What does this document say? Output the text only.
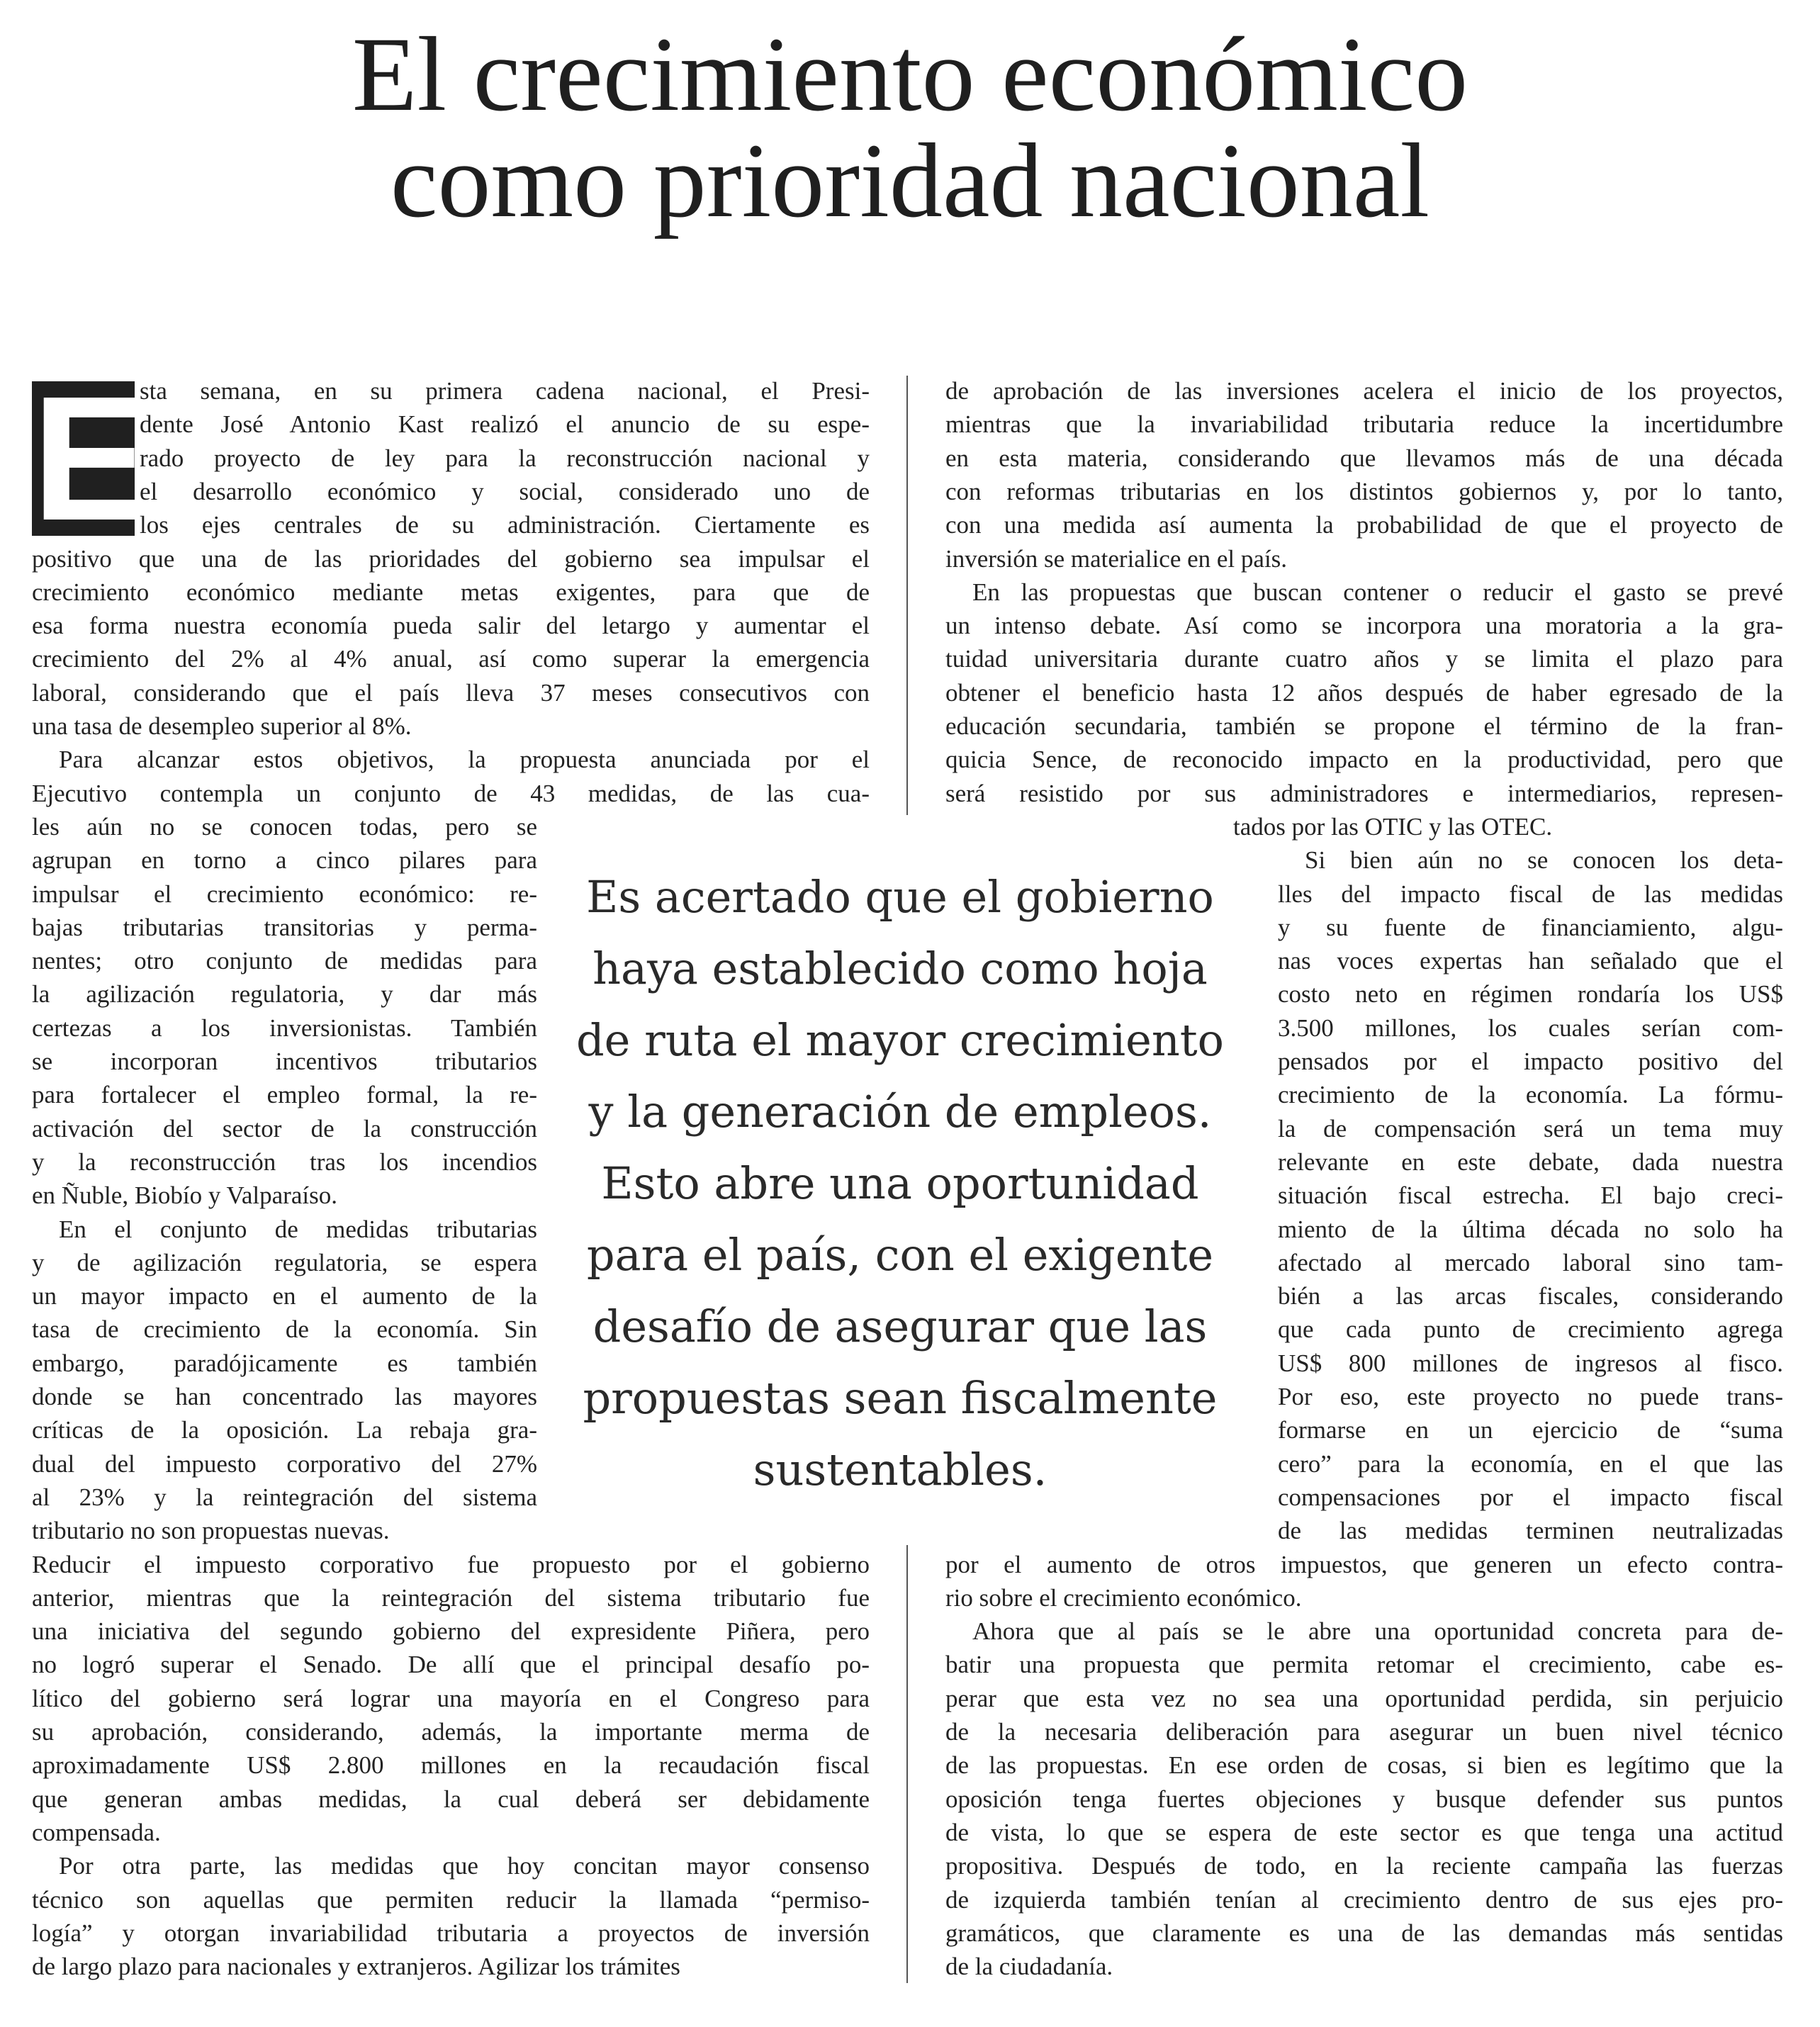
El crecimiento económico
como prioridad nacional
E

sta semana, en su primera cadena nacional, el Presi-

dente José Antonio Kast realizó el anuncio de su espe-

rado proyecto de ley para la reconstrucción nacional y

el desarrollo económico y social, considerado uno de

los ejes centrales de su administración. Ciertamente es

positivo que una de las prioridades del gobierno sea impulsar el

crecimiento económico mediante metas exigentes, para que de

esa forma nuestra economía pueda salir del letargo y aumentar el

crecimiento del 2% al 4% anual, así como superar la emergencia

laboral, considerando que el país lleva 37 meses consecutivos con

una tasa de desempleo superior al 8%.

Para alcanzar estos objetivos, la propuesta anunciada por el

Ejecutivo contempla un conjunto de 43 medidas, de las cua-

les aún no se conocen todas, pero se

agrupan en torno a cinco pilares para

impulsar el crecimiento económico: re-

bajas tributarias transitorias y perma-

nentes; otro conjunto de medidas para

la agilización regulatoria, y dar más

certezas a los inversionistas. También

se incorporan incentivos tributarios

para fortalecer el empleo formal, la re-

activación del sector de la construcción

y la reconstrucción tras los incendios

en Ñuble, Biobío y Valparaíso.

En el conjunto de medidas tributarias

y de agilización regulatoria, se espera

un mayor impacto en el aumento de la

tasa de crecimiento de la economía. Sin

embargo, paradójicamente es también

donde se han concentrado las mayores

críticas de la oposición. La rebaja gra-

dual del impuesto corporativo del 27%

al 23% y la reintegración del sistema

tributario no son propuestas nuevas.

Reducir el impuesto corporativo fue propuesto por el gobierno

anterior, mientras que la reintegración del sistema tributario fue

una iniciativa del segundo gobierno del expresidente Piñera, pero

no logró superar el Senado. De allí que el principal desafío po-

lítico del gobierno será lograr una mayoría en el Congreso para

su aprobación, considerando, además, la importante merma de

aproximadamente US$ 2.800 millones en la recaudación fiscal

que generan ambas medidas, la cual deberá ser debidamente

compensada.

Por otra parte, las medidas que hoy concitan mayor consenso

técnico son aquellas que permiten reducir la llamada “permiso-

logía” y otorgan invariabilidad tributaria a proyectos de inversión

de largo plazo para nacionales y extranjeros. Agilizar los trámites

de aprobación de las inversiones acelera el inicio de los proyectos,

mientras que la invariabilidad tributaria reduce la incertidumbre

en esta materia, considerando que llevamos más de una década

con reformas tributarias en los distintos gobiernos y, por lo tanto,

con una medida así aumenta la probabilidad de que el proyecto de

inversión se materialice en el país.

En las propuestas que buscan contener o reducir el gasto se prevé

un intenso debate. Así como se incorpora una moratoria a la gra-

tuidad universitaria durante cuatro años y se limita el plazo para

obtener el beneficio hasta 12 años después de haber egresado de la

educación secundaria, también se propone el término de la fran-

quicia Sence, de reconocido impacto en la productividad, pero que

será resistido por sus administradores e intermediarios, represen-

tados por las OTIC y las OTEC.

Si bien aún no se conocen los deta-

lles del impacto fiscal de las medidas

y su fuente de financiamiento, algu-

nas voces expertas han señalado que el

costo neto en régimen rondaría los US$

3.500 millones, los cuales serían com-

pensados por el impacto positivo del

crecimiento de la economía. La fórmu-

la de compensación será un tema muy

relevante en este debate, dada nuestra

situación fiscal estrecha. El bajo creci-

miento de la última década no solo ha

afectado al mercado laboral sino tam-

bién a las arcas fiscales, considerando

que cada punto de crecimiento agrega

US$ 800 millones de ingresos al fisco.

Por eso, este proyecto no puede trans-

formarse en un ejercicio de “suma

cero” para la economía, en el que las

compensaciones por el impacto fiscal

de las medidas terminen neutralizadas

por el aumento de otros impuestos, que generen un efecto contra-

rio sobre el crecimiento económico.

Ahora que al país se le abre una oportunidad concreta para de-

batir una propuesta que permita retomar el crecimiento, cabe es-

perar que esta vez no sea una oportunidad perdida, sin perjuicio

de la necesaria deliberación para asegurar un buen nivel técnico

de las propuestas. En ese orden de cosas, si bien es legítimo que la

oposición tenga fuertes objeciones y busque defender sus puntos

de vista, lo que se espera de este sector es que tenga una actitud

propositiva. Después de todo, en la reciente campaña las fuerzas

de izquierda también tenían al crecimiento dentro de sus ejes pro-

gramáticos, que claramente es una de las demandas más sentidas

de la ciudadanía.

Es acertado que el gobierno

haya establecido como hoja

de ruta el mayor crecimiento

y la generación de empleos.

Esto abre una oportunidad

para el país, con el exigente

desafío de asegurar que las

propuestas sean fiscalmente

sustentables.
